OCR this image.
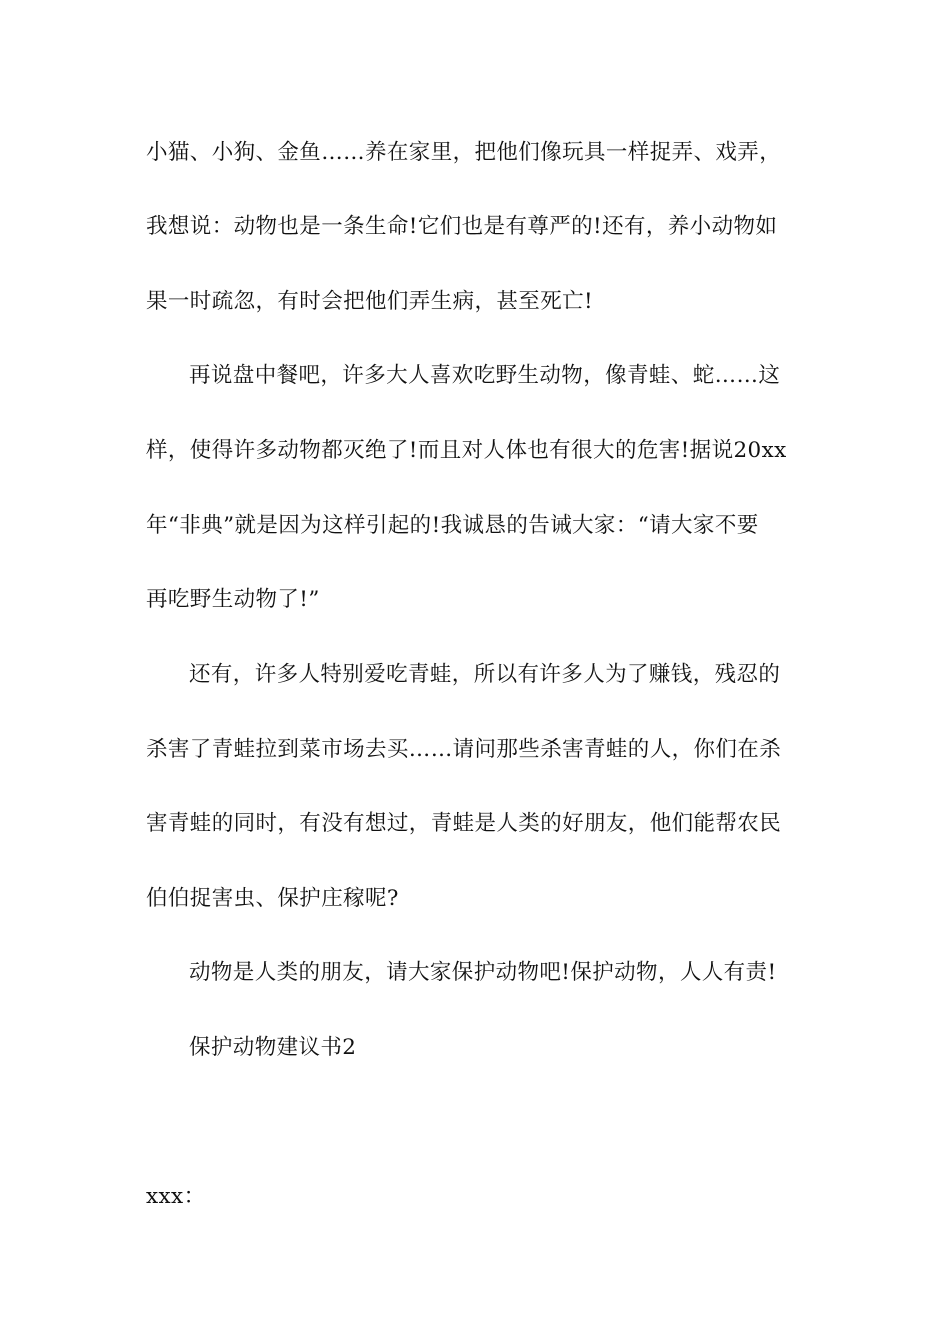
小猫、小狗、金鱼……养在家里，把他们像玩具一样捉弄、戏弄，
我想说：动物也是一条生命!它们也是有尊严的!还有，养小动物如
果一时疏忽，有时会把他们弄生病，甚至死亡!
再说盘中餐吧，许多大人喜欢吃野生动物，像青蛙、蛇……这
样，使得许多动物都灭绝了!而且对人体也有很大的危害!据说20xx
年“非典”就是因为这样引起的!我诚恳的告诫大家：“请大家不要
再吃野生动物了!”
还有，许多人特别爱吃青蛙，所以有许多人为了赚钱，残忍的
杀害了青蛙拉到菜市场去买……请问那些杀害青蛙的人，你们在杀
害青蛙的同时，有没有想过，青蛙是人类的好朋友，他们能帮农民
伯伯捉害虫、保护庄稼呢?
动物是人类的朋友，请大家保护动物吧!保护动物，人人有责!
保护动物建议书2
xxx：
